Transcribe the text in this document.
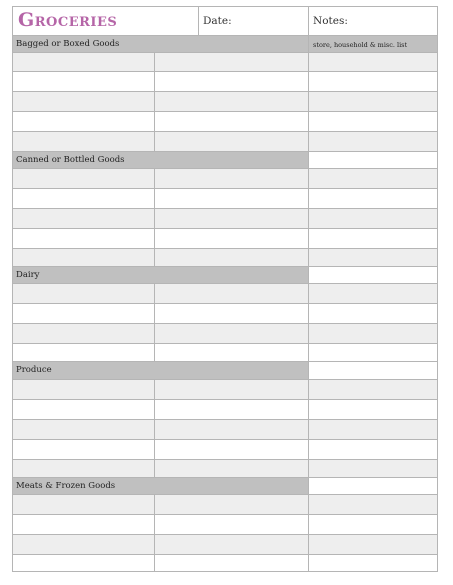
Groceries	Date:	Notes:
Bagged or Boxed Goods	store, household & misc. list
Canned or Bottled Goods
Dairy
Produce
Meats & Frozen Goods
